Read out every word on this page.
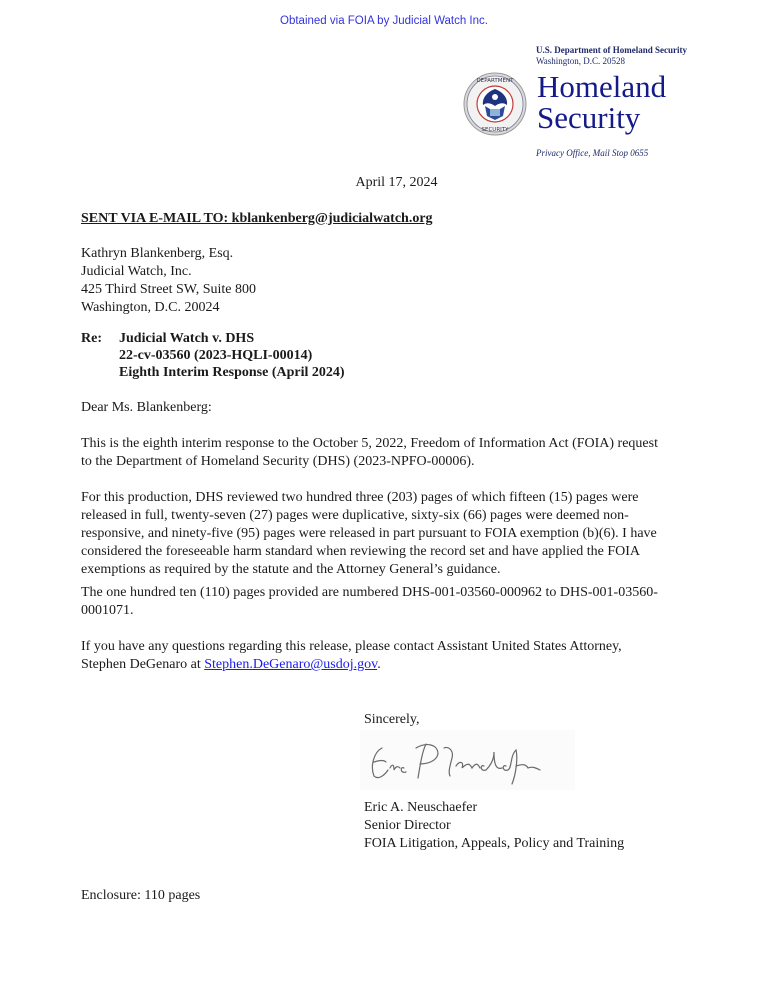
Obtained via FOIA by Judicial Watch Inc.
DEPARTMENT
SECURITY
U.S. Department of Homeland Security
Washington, D.C. 20528
Homeland
Security
Privacy Office, Mail Stop 0655
April 17, 2024
SENT VIA E-MAIL TO: kblankenberg@judicialwatch.org
Kathryn Blankenberg, Esq.
Judicial Watch, Inc.
425 Third Street SW, Suite 800
Washington, D.C. 20024
Re: Judicial Watch v. DHS
22-cv-03560 (2023-HQLI-00014)
Eighth Interim Response (April 2024)
Dear Ms. Blankenberg:
This is the eighth interim response to the October 5, 2022, Freedom of Information Act (FOIA) request
to the Department of Homeland Security (DHS) (2023-NPFO-00006).
For this production, DHS reviewed two hundred three (203) pages of which fifteen (15) pages were
released in full, twenty-seven (27) pages were duplicative, sixty-six (66) pages were deemed non-
responsive, and ninety-five (95) pages were released in part pursuant to FOIA exemption (b)(6). I have
considered the foreseeable harm standard when reviewing the record set and have applied the FOIA
exemptions as required by the statute and the Attorney General’s guidance.
The one hundred ten (110) pages provided are numbered DHS-001-03560-000962 to DHS-001-03560-
0001071.
If you have any questions regarding this release, please contact Assistant United States Attorney,
Stephen DeGenaro at Stephen.DeGenaro@usdoj.gov.
Sincerely,
Eric A. Neuschaefer
Senior Director
FOIA Litigation, Appeals, Policy and Training
Enclosure: 110 pages
